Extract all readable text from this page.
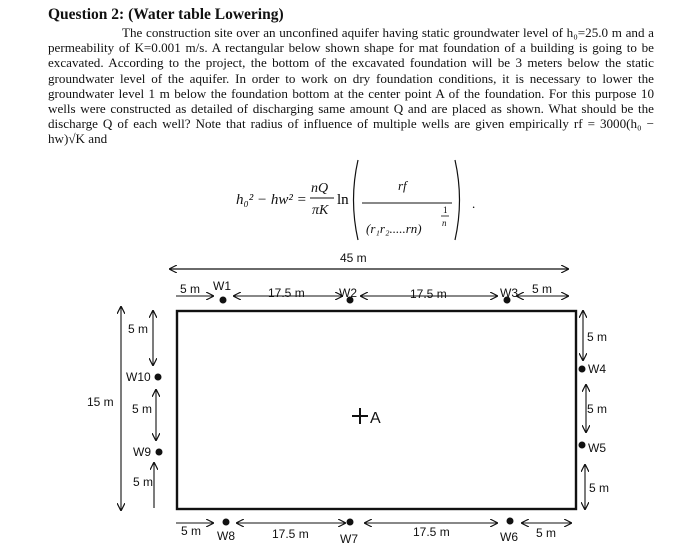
Question 2: (Water table Lowering)
The construction site over an unconfined aquifer having static groundwater level of h₀=25.0 m and a permeability of K=0.001 m/s. A rectangular below shown shape for mat foundation of a building is going to be excavated. According to the project, the bottom of the excavated foundation will be 3 meters below the static groundwater level of the aquifer. In order to work on dry foundation conditions, it is necessary to lower the groundwater level 1 m below the foundation bottom at the center point A of the foundation. For this purpose 10 wells were constructed as detailed of discharging same amount Q and are placed as shown. What should be the discharge Q of each well? Note that radius of influence of multiple wells are given empirically rf = 3000(h₀ − hw)√K and
h₀² − hw² =
nQ
πK
ln
rf
(r₁r₂.....rn)
1
n
.
45 m
A
5 m	17.5 m	17.5 m	5 m
5 m	17.5 m	17.5 m	5 m
15 m
5 m
5 m
5 m
5 m
5 m
5 m
W1	W2	W3
W4
W5
W6
W7
W8
W9
W10
